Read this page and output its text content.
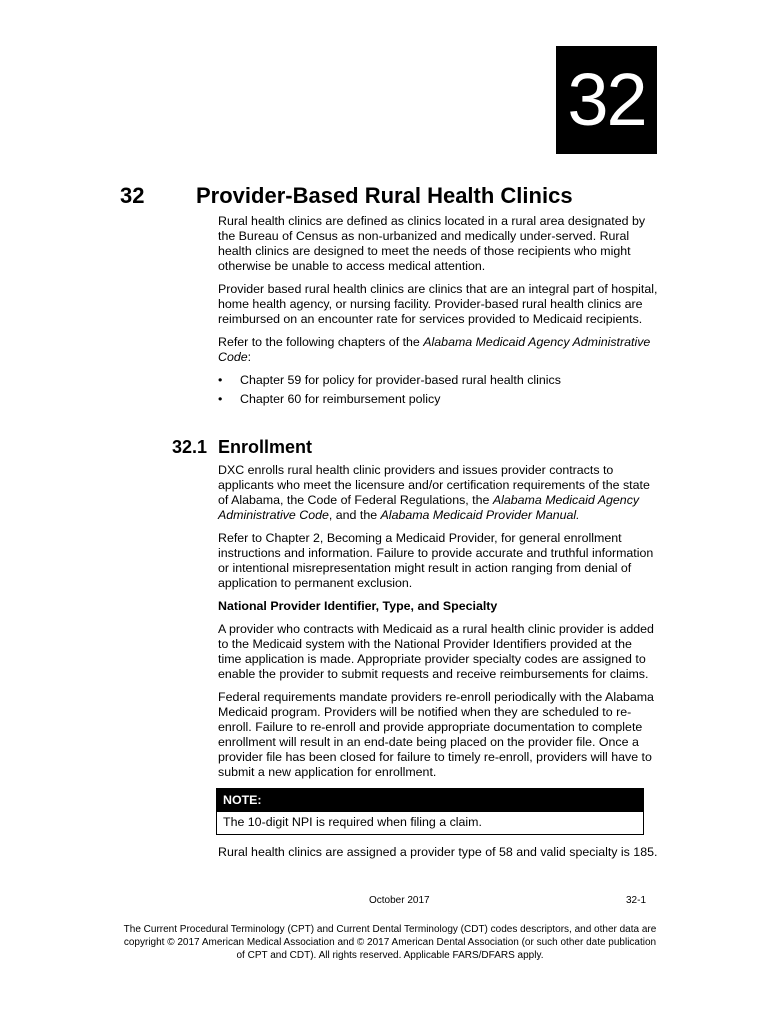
32
32 Provider-Based Rural Health Clinics

Rural health clinics are defined as clinics located in a rural area designated by the Bureau of Census as non-urbanized and medically under-served. Rural health clinics are designed to meet the needs of those recipients who might otherwise be unable to access medical attention.

Provider based rural health clinics are clinics that are an integral part of hospital, home health agency, or nursing facility. Provider-based rural health clinics are reimbursed on an encounter rate for services provided to Medicaid recipients.

Refer to the following chapters of the Alabama Medicaid Agency Administrative Code:

• Chapter 59 for policy for provider-based rural health clinics
• Chapter 60 for reimbursement policy
32.1 Enrollment

DXC enrolls rural health clinic providers and issues provider contracts to applicants who meet the licensure and/or certification requirements of the state of Alabama, the Code of Federal Regulations, the Alabama Medicaid Agency Administrative Code, and the Alabama Medicaid Provider Manual.

Refer to Chapter 2, Becoming a Medicaid Provider, for general enrollment instructions and information. Failure to provide accurate and truthful information or intentional misrepresentation might result in action ranging from denial of application to permanent exclusion.

National Provider Identifier, Type, and Specialty

A provider who contracts with Medicaid as a rural health clinic provider is added to the Medicaid system with the National Provider Identifiers provided at the time application is made. Appropriate provider specialty codes are assigned to enable the provider to submit requests and receive reimbursements for claims.

Federal requirements mandate providers re-enroll periodically with the Alabama Medicaid program. Providers will be notified when they are scheduled to re-enroll. Failure to re-enroll and provide appropriate documentation to complete enrollment will result in an end-date being placed on the provider file. Once a provider file has been closed for failure to timely re-enroll, providers will have to submit a new application for enrollment.

NOTE:
The 10-digit NPI is required when filing a claim.

Rural health clinics are assigned a provider type of 58 and valid specialty is 185.

October 2017	32-1
The Current Procedural Terminology (CPT) and Current Dental Terminology (CDT) codes descriptors, and other data are copyright © 2017 American Medical Association and © 2017 American Dental Association (or such other date publication of CPT and CDT). All rights reserved. Applicable FARS/DFARS apply.
